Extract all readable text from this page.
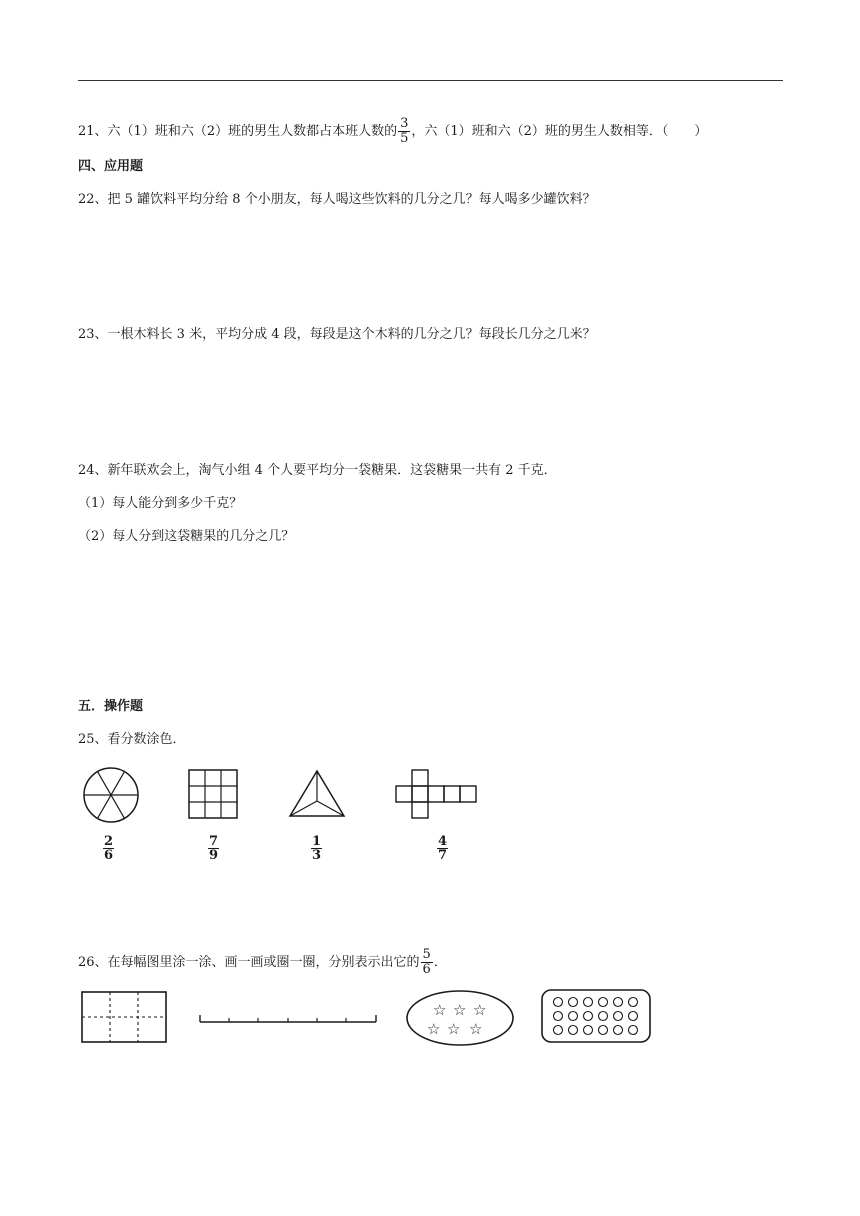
21、六（1）班和六（2）班的男生人数都占本班人数的 $\frac{3}{5}$ ，六（1）班和六（2）班的男生人数相等．（　　）
四、应用题
22、把 5 罐饮料平均分给 8 个小朋友，每人喝这些饮料的几分之几？每人喝多少罐饮料？
23、一根木料长 3 米，平均分成 4 段，每段是这个木料的几分之几？每段长几分之几米？
24、新年联欢会上，淘气小组 4 个人要平均分一袋糖果．这袋糖果一共有 2 千克．
（1）每人能分到多少千克？
（2）每人分到这袋糖果的几分之几？
五．操作题
25、看分数涂色．
2
6
7
9
1
3
4
7
26、在每幅图里涂一涂、画一画或圈一圈，分别表示出它的 $\frac{5}{6}$ ．
☆ ☆ ☆
☆ ☆ ☆
